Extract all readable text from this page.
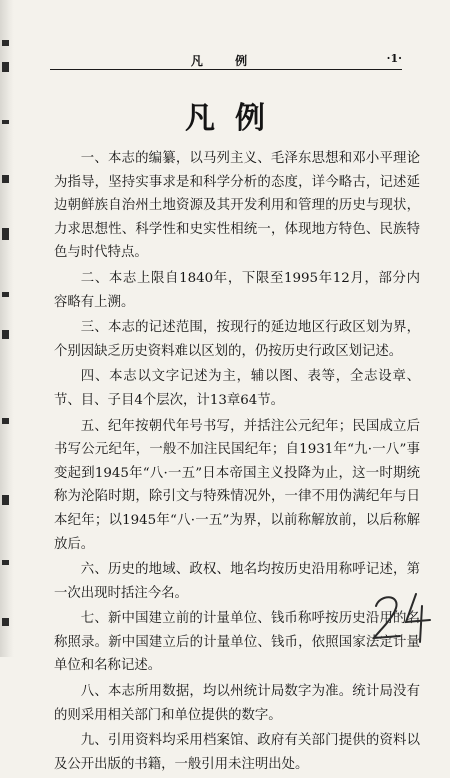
凡 例	·1·
凡例

一、本志的编纂，以马列主义、毛泽东思想和邓小平理论为指导，坚持实事求是和科学分析的态度，详今略古，记述延边朝鲜族自治州土地资源及其开发利用和管理的历史与现状，力求思想性、科学性和史实性相统一，体现地方特色、民族特色与时代特点。

二、本志上限自1840年，下限至1995年12月，部分内容略有上溯。

三、本志的记述范围，按现行的延边地区行政区划为界，个别因缺乏历史资料难以区划的，仍按历史行政区划记述。

四、本志以文字记述为主，辅以图、表等，全志设章、节、目、子目4个层次，计13章64节。

五、纪年按朝代年号书写，并括注公元纪年；民国成立后书写公元纪年，一般不加注民国纪年；自1931年“九·一八”事变起到1945年“八·一五”日本帝国主义投降为止，这一时期统称为沦陷时期，除引文与特殊情况外，一律不用伪满纪年与日本纪年；以1945年“八·一五”为界，以前称解放前，以后称解放后。

六、历史的地域、政权、地名均按历史沿用称呼记述，第一次出现时括注今名。

七、新中国建立前的计量单位、钱币称呼按历史沿用的名称照录。新中国建立后的计量单位、钱币，依照国家法定计量单位和名称记述。

八、本志所用数据，均以州统计局数字为准。统计局没有的则采用相关部门和单位提供的数字。

九、引用资料均采用档案馆、政府有关部门提供的资料以及公开出版的书籍，一般引用未注明出处。
